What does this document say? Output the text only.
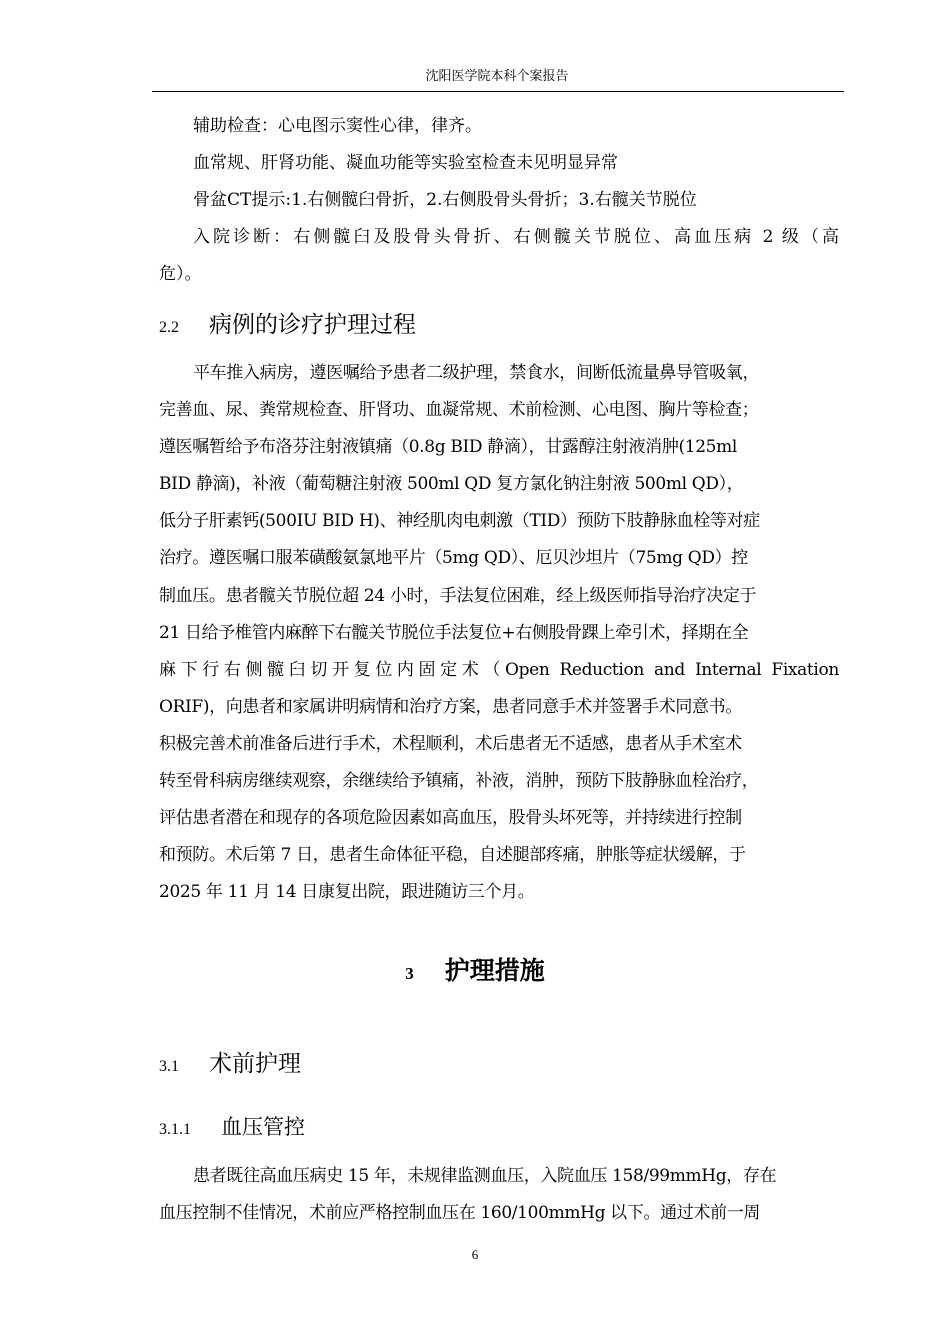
沈阳医学院本科个案报告
辅助检查：心电图示窦性心律，律齐。
血常规、肝肾功能、凝血功能等实验室检查未见明显异常
骨盆CT提示:1.右侧髋臼骨折，2.右侧股骨头骨折；3.右髋关节脱位
入院诊断：右侧髋臼及股骨头骨折、右侧髋关节脱位、高血压病 2 级（高
危）。
2.2	病例的诊疗护理过程
平车推入病房，遵医嘱给予患者二级护理，禁食水，间断低流量鼻导管吸氧，
完善血、尿、粪常规检查、肝肾功、血凝常规、术前检测、心电图、胸片等检查；
遵医嘱暂给予布洛芬注射液镇痛（0.8g BID 静滴），甘露醇注射液消肿(125ml
BID 静滴)，补液（葡萄糖注射液 500ml QD 复方氯化钠注射液 500ml QD），
低分子肝素钙(500IU BID H)、神经肌肉电刺激（TID）预防下肢静脉血栓等对症
治疗。遵医嘱口服苯磺酸氨氯地平片（5mg QD）、厄贝沙坦片（75mg QD）控
制血压。患者髋关节脱位超 24 小时，手法复位困难，经上级医师指导治疗决定于
21 日给予椎管内麻醉下右髋关节脱位手法复位+右侧股骨踝上牵引术，择期在全
麻下行右侧髋臼切开复位内固定术（Open Reduction and Internal Fixation
ORIF)，向患者和家属讲明病情和治疗方案，患者同意手术并签署手术同意书。
积极完善术前准备后进行手术，术程顺利，术后患者无不适感，患者从手术室术
转至骨科病房继续观察，余继续给予镇痛，补液，消肿，预防下肢静脉血栓治疗，
评估患者潜在和现存的各项危险因素如高血压，股骨头坏死等，并持续进行控制
和预防。术后第 7 日，患者生命体征平稳，自述腿部疼痛，肿胀等症状缓解，于
2025 年 11 月 14 日康复出院，跟进随访三个月。
3 护理措施
3.1	术前护理
3.1.1	血压管控
患者既往高血压病史 15 年，未规律监测血压，入院血压 158/99mmHg，存在
血压控制不佳情况，术前应严格控制血压在 160/100mmHg 以下。通过术前一周
6
